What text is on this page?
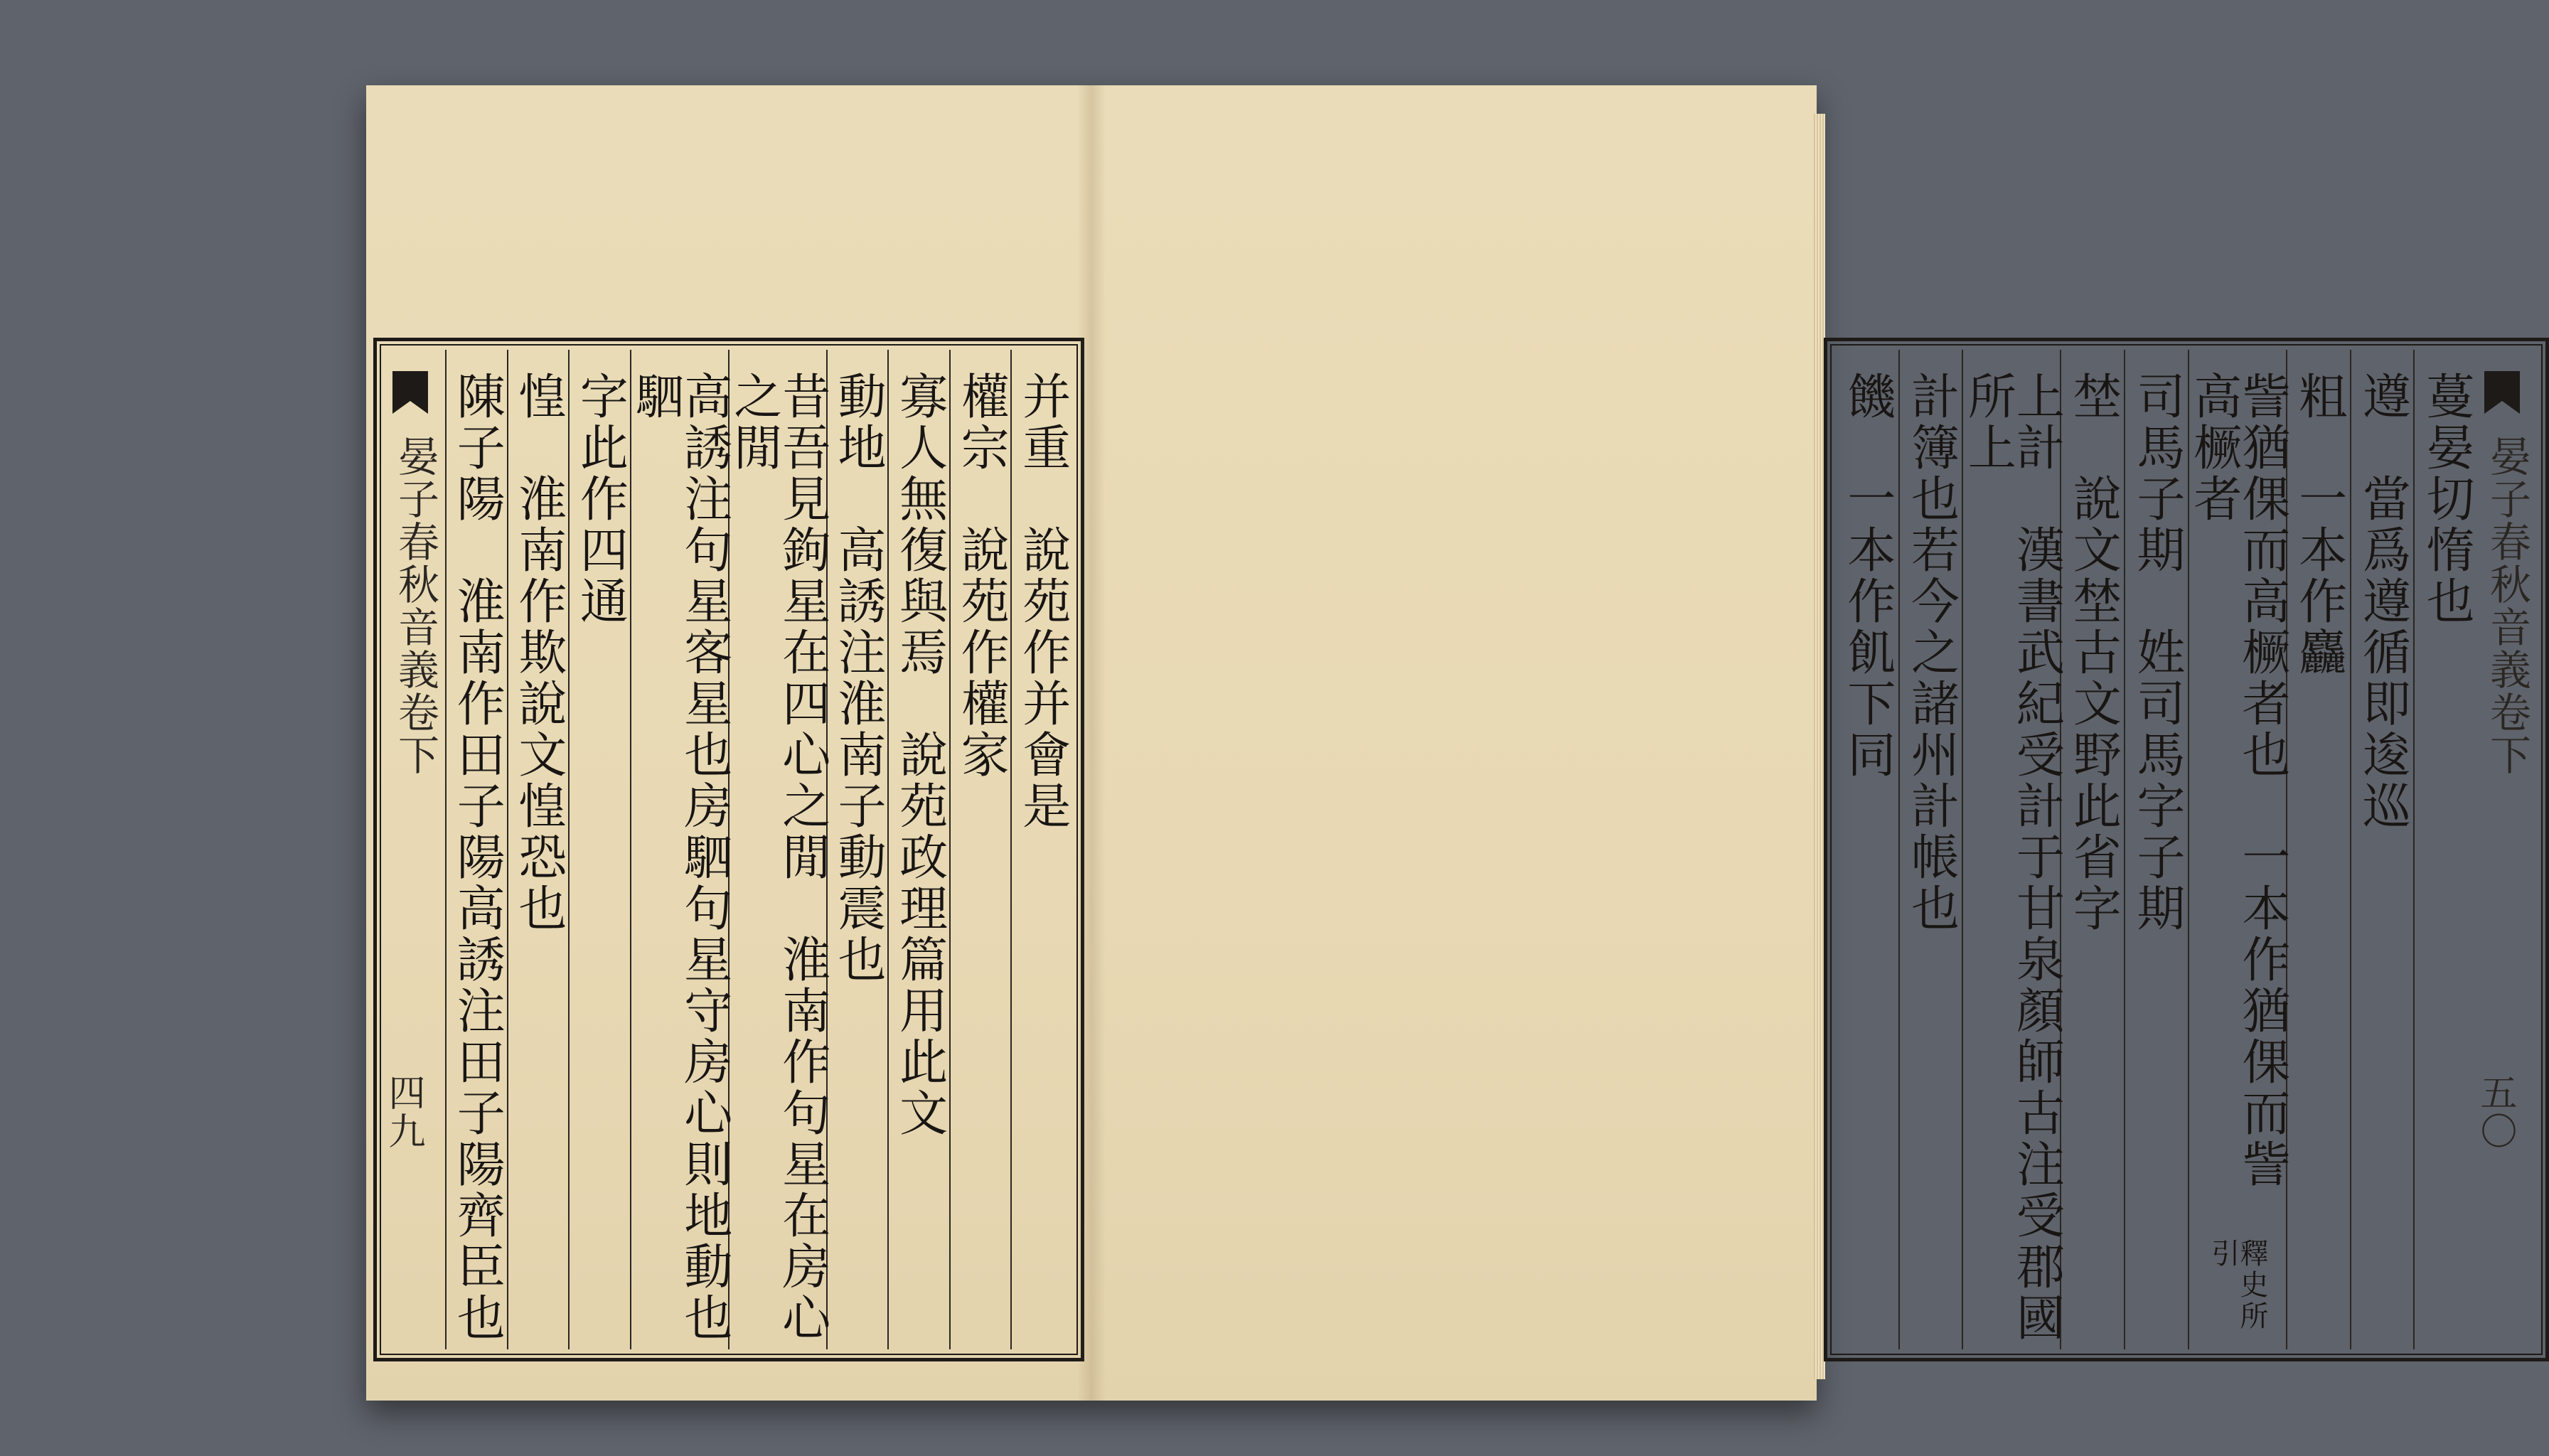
并重　說苑作并會是
權宗　說苑作權家
寡人無復與焉　說苑政理篇用此文
動地　高誘注淮南子動震也
昔吾見鉤星在四心之閒　淮南作句星在房心之閒
高誘注句星客星也房駟句星守房心則地動也駟
字此作四通
惶　淮南作欺說文惶恐也
陳子陽　淮南作田子陽高誘注田子陽齊臣也
晏子春秋音義卷下
四九
晏子春秋音義卷下
五〇
蔓晏切惰也
遵　當爲遵循即逡巡
粗　一本作麤
訾猶倮而高橛者也　一本作猶倮而訾高橛者
釋史所引
司馬子期　姓司馬字子期
埜　說文埜古文野此省字
上計　漢書武紀受計于甘泉顏師古注受郡國所上
計簿也若今之諸州計帳也
饑　一本作飢下同
